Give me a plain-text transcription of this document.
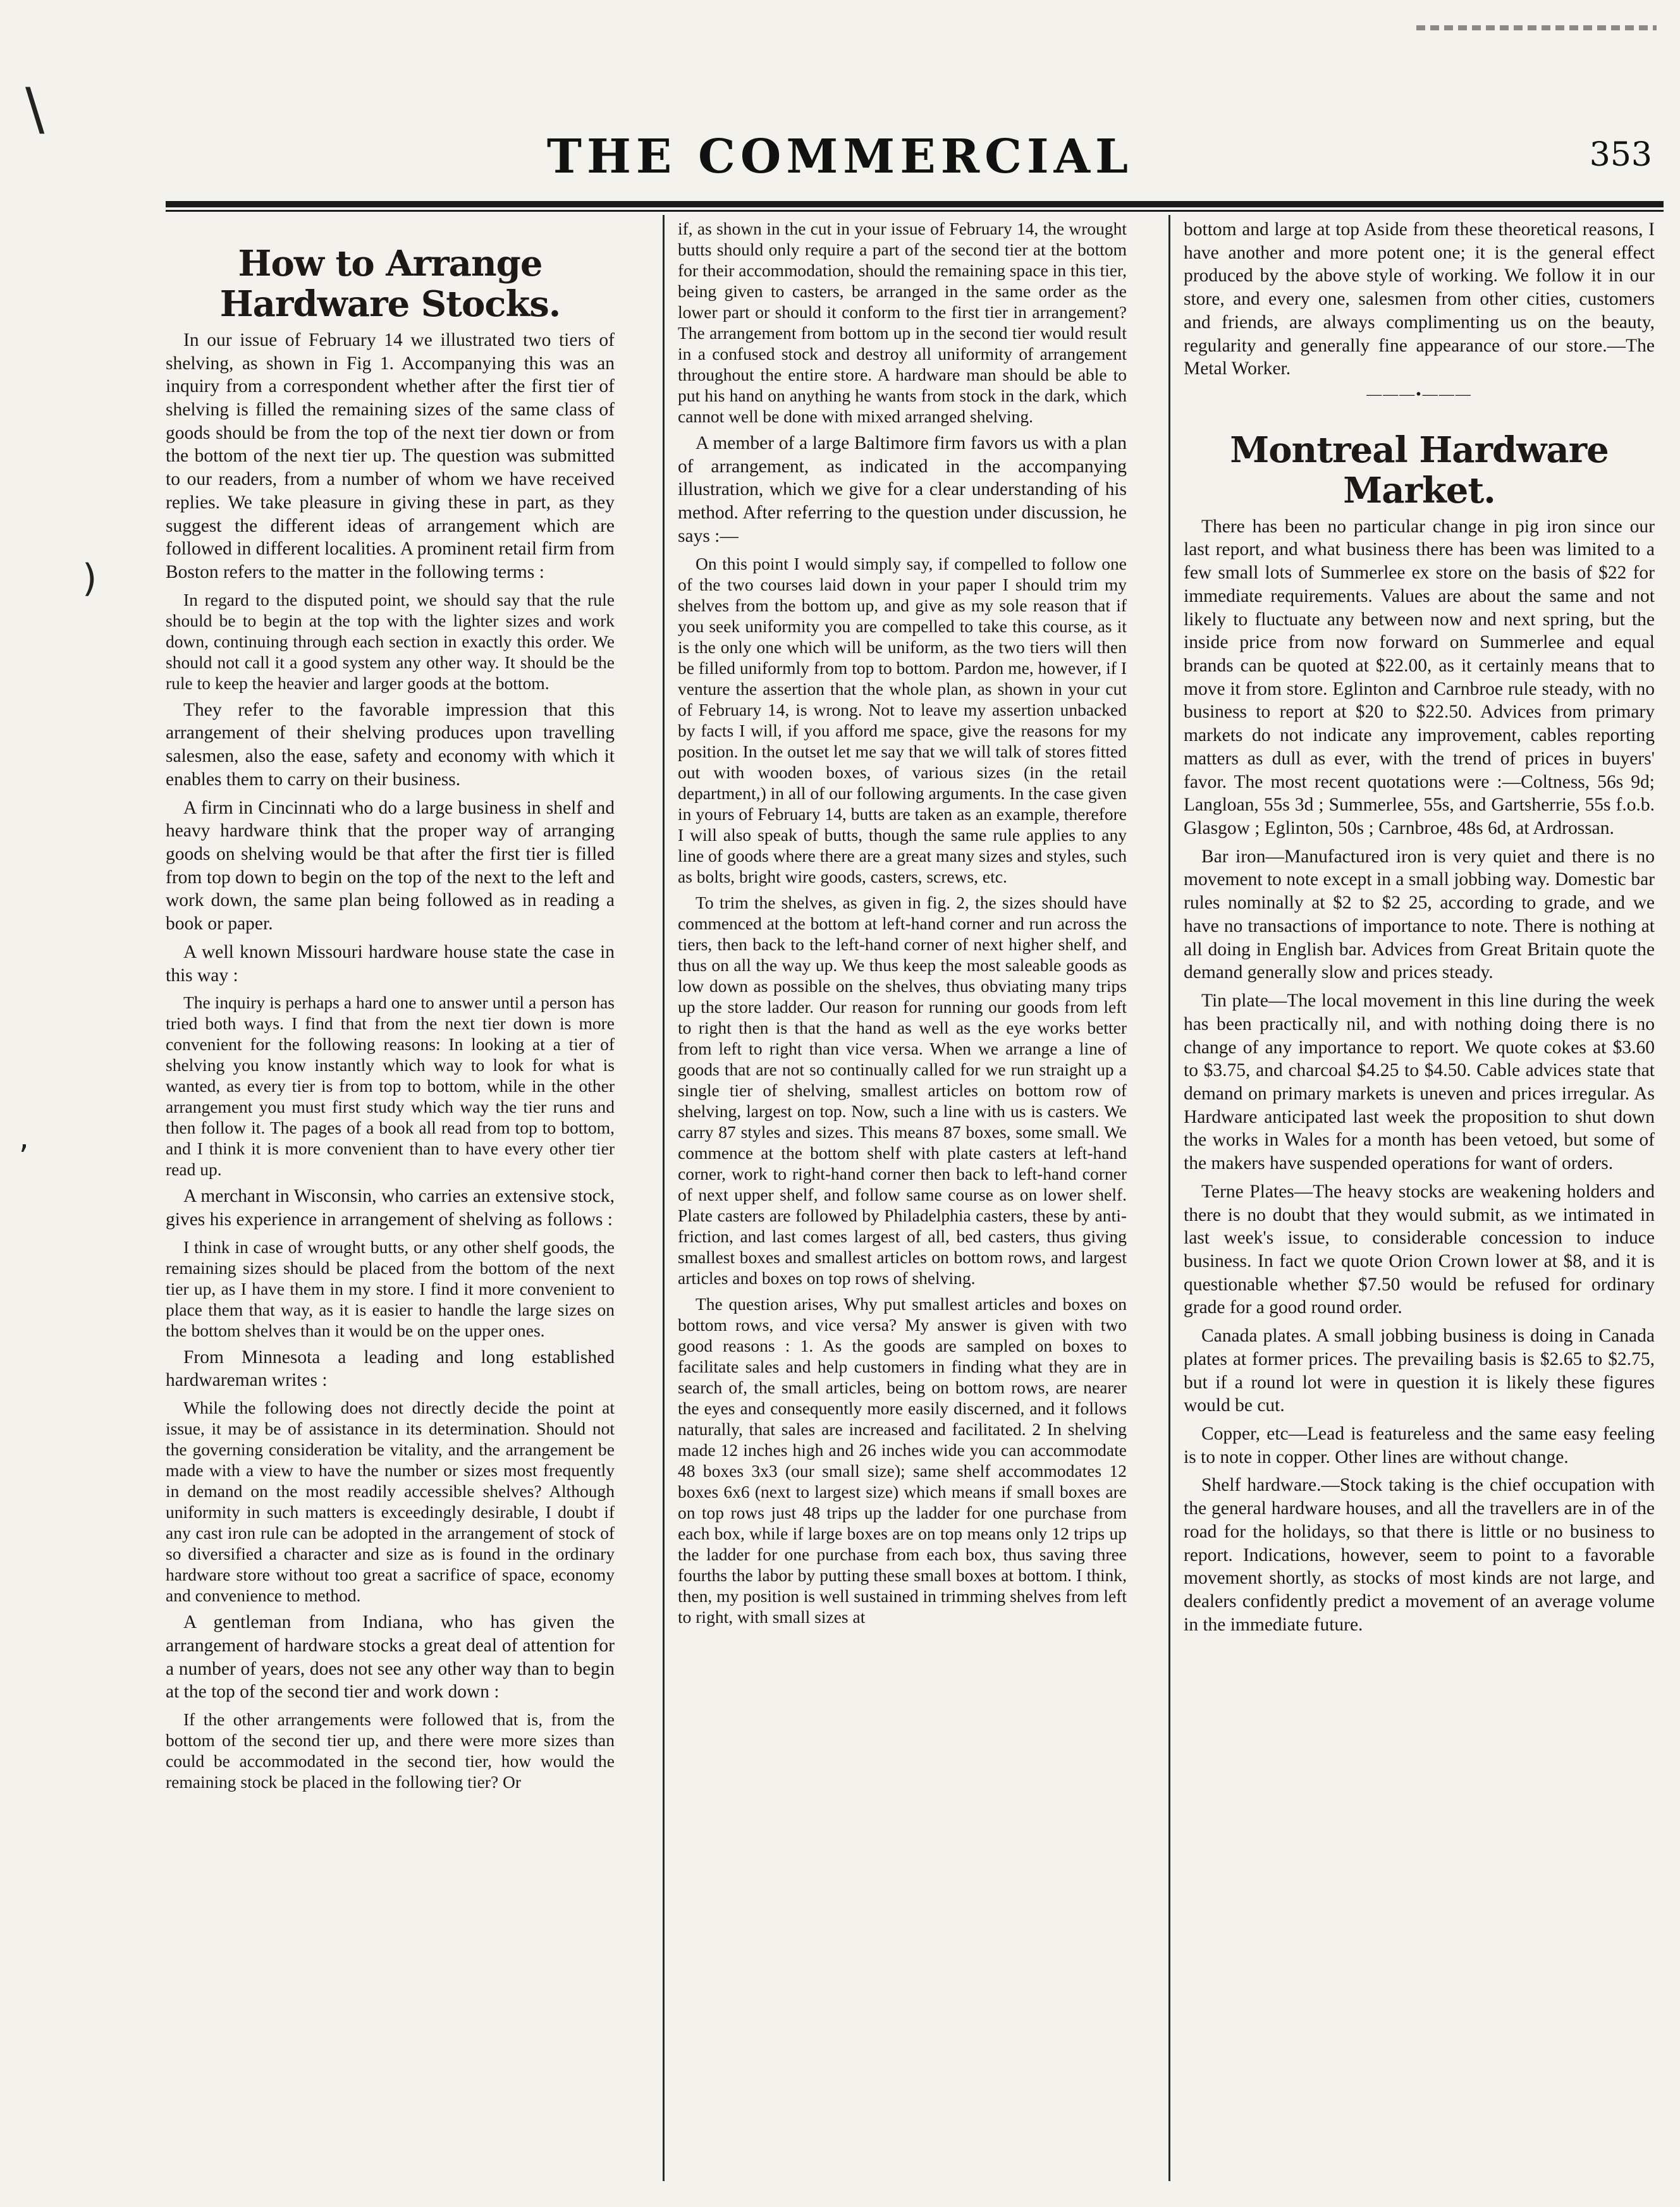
THE COMMERCIAL	353
\
)
,
How to Arrange Hardware Stocks.

In our issue of February 14 we illustrated two tiers of shelving, as shown in Fig 1. Accompanying this was an inquiry from a correspondent whether after the first tier of shelving is filled the remaining sizes of the same class of goods should be from the top of the next tier down or from the bottom of the next tier up. The question was submitted to our readers, from a number of whom we have received replies. We take pleasure in giving these in part, as they suggest the different ideas of arrangement which are followed in different localities. A prominent retail firm from Boston refers to the matter in the following terms :

In regard to the disputed point, we should say that the rule should be to begin at the top with the lighter sizes and work down, continuing through each section in exactly this order. We should not call it a good system any other way. It should be the rule to keep the heavier and larger goods at the bottom.

They refer to the favorable impression that this arrangement of their shelving produces upon travelling salesmen, also the ease, safety and economy with which it enables them to carry on their business.

A firm in Cincinnati who do a large business in shelf and heavy hardware think that the proper way of arranging goods on shelving would be that after the first tier is filled from top down to begin on the top of the next to the left and work down, the same plan being followed as in reading a book or paper.

A well known Missouri hardware house state the case in this way :

The inquiry is perhaps a hard one to answer until a person has tried both ways. I find that from the next tier down is more convenient for the following reasons: In looking at a tier of shelving you know instantly which way to look for what is wanted, as every tier is from top to bottom, while in the other arrangement you must first study which way the tier runs and then follow it. The pages of a book all read from top to bottom, and I think it is more convenient than to have every other tier read up.

A merchant in Wisconsin, who carries an extensive stock, gives his experience in arrangement of shelving as follows :

I think in case of wrought butts, or any other shelf goods, the remaining sizes should be placed from the bottom of the next tier up, as I have them in my store. I find it more convenient to place them that way, as it is easier to handle the large sizes on the bottom shelves than it would be on the upper ones.

From Minnesota a leading and long established hardwareman writes :

While the following does not directly decide the point at issue, it may be of assistance in its determination. Should not the governing consideration be vitality, and the arrangement be made with a view to have the number or sizes most frequently in demand on the most readily accessible shelves? Although uniformity in such matters is exceedingly desirable, I doubt if any cast iron rule can be adopted in the arrangement of stock of so diversified a character and size as is found in the ordinary hardware store without too great a sacrifice of space, economy and convenience to method.

A gentleman from Indiana, who has given the arrangement of hardware stocks a great deal of attention for a number of years, does not see any other way than to begin at the top of the second tier and work down :

If the other arrangements were followed that is, from the bottom of the second tier up, and there were more sizes than could be accommodated in the second tier, how would the remaining stock be placed in the following tier? Or

if, as shown in the cut in your issue of February 14, the wrought butts should only require a part of the second tier at the bottom for their accommodation, should the remaining space in this tier, being given to casters, be arranged in the same order as the lower part or should it conform to the first tier in arrangement? The arrangement from bottom up in the second tier would result in a confused stock and destroy all uniformity of arrangement throughout the entire store. A hardware man should be able to put his hand on anything he wants from stock in the dark, which cannot well be done with mixed arranged shelving.

A member of a large Baltimore firm favors us with a plan of arrangement, as indicated in the accompanying illustration, which we give for a clear understanding of his method. After referring to the question under discussion, he says :—

On this point I would simply say, if compelled to follow one of the two courses laid down in your paper I should trim my shelves from the bottom up, and give as my sole reason that if you seek uniformity you are compelled to take this course, as it is the only one which will be uniform, as the two tiers will then be filled uniformly from top to bottom. Pardon me, however, if I venture the assertion that the whole plan, as shown in your cut of February 14, is wrong. Not to leave my assertion unbacked by facts I will, if you afford me space, give the reasons for my position. In the outset let me say that we will talk of stores fitted out with wooden boxes, of various sizes (in the retail department,) in all of our following arguments. In the case given in yours of February 14, butts are taken as an example, therefore I will also speak of butts, though the same rule applies to any line of goods where there are a great many sizes and styles, such as bolts, bright wire goods, casters, screws, etc.

To trim the shelves, as given in fig. 2, the sizes should have commenced at the bottom at left-hand corner and run across the tiers, then back to the left-hand corner of next higher shelf, and thus on all the way up. We thus keep the most saleable goods as low down as possible on the shelves, thus obviating many trips up the store ladder. Our reason for running our goods from left to right then is that the hand as well as the eye works better from left to right than vice versa. When we arrange a line of goods that are not so continually called for we run straight up a single tier of shelving, smallest articles on bottom row of shelving, largest on top. Now, such a line with us is casters. We carry 87 styles and sizes. This means 87 boxes, some small. We commence at the bottom shelf with plate casters at left-hand corner, work to right-hand corner then back to left-hand corner of next upper shelf, and follow same course as on lower shelf. Plate casters are followed by Philadelphia casters, these by anti-friction, and last comes largest of all, bed casters, thus giving smallest boxes and smallest articles on bottom rows, and largest articles and boxes on top rows of shelving.

The question arises, Why put smallest articles and boxes on bottom rows, and vice versa? My answer is given with two good reasons : 1. As the goods are sampled on boxes to facilitate sales and help customers in finding what they are in search of, the small articles, being on bottom rows, are nearer the eyes and consequently more easily discerned, and it follows naturally, that sales are increased and facilitated. 2 In shelving made 12 inches high and 26 inches wide you can accommodate 48 boxes 3x3 (our small size); same shelf accommodates 12 boxes 6x6 (next to largest size) which means if small boxes are on top rows just 48 trips up the ladder for one purchase from each box, while if large boxes are on top means only 12 trips up the ladder for one purchase from each box, thus saving three fourths the labor by putting these small boxes at bottom. I think, then, my position is well sustained in trimming shelves from left to right, with small sizes at

bottom and large at top Aside from these theoretical reasons, I have another and more potent one; it is the general effect produced by the above style of working. We follow it in our store, and every one, salesmen from other cities, customers and friends, are always complimenting us on the beauty, regularity and generally fine appearance of our store.—The Metal Worker.

———•———
Montreal Hardware Market.

There has been no particular change in pig iron since our last report, and what business there has been was limited to a few small lots of Summerlee ex store on the basis of $22 for immediate requirements. Values are about the same and not likely to fluctuate any between now and next spring, but the inside price from now forward on Summerlee and equal brands can be quoted at $22.00, as it certainly means that to move it from store. Eglinton and Carnbroe rule steady, with no business to report at $20 to $22.50. Advices from primary markets do not indicate any improvement, cables reporting matters as dull as ever, with the trend of prices in buyers' favor. The most recent quotations were :—Coltness, 56s 9d; Langloan, 55s 3d ; Summerlee, 55s, and Gartsherrie, 55s f.o.b. Glasgow ; Eglinton, 50s ; Carnbroe, 48s 6d, at Ardrossan.

Bar iron—Manufactured iron is very quiet and there is no movement to note except in a small jobbing way. Domestic bar rules nominally at $2 to $2 25, according to grade, and we have no transactions of importance to note. There is nothing at all doing in English bar. Advices from Great Britain quote the demand generally slow and prices steady.

Tin plate—The local movement in this line during the week has been practically nil, and with nothing doing there is no change of any importance to report. We quote cokes at $3.60 to $3.75, and charcoal $4.25 to $4.50. Cable advices state that demand on primary markets is uneven and prices irregular. As Hardware anticipated last week the proposition to shut down the works in Wales for a month has been vetoed, but some of the makers have suspended operations for want of orders.

Terne Plates—The heavy stocks are weakening holders and there is no doubt that they would submit, as we intimated in last week's issue, to considerable concession to induce business. In fact we quote Orion Crown lower at $8, and it is questionable whether $7.50 would be refused for ordinary grade for a good round order.

Canada plates. A small jobbing business is doing in Canada plates at former prices. The prevailing basis is $2.65 to $2.75, but if a round lot were in question it is likely these figures would be cut.

Copper, etc—Lead is featureless and the same easy feeling is to note in copper. Other lines are without change.

Shelf hardware.—Stock taking is the chief occupation with the general hardware houses, and all the travellers are in of the road for the holidays, so that there is little or no business to report. Indications, however, seem to point to a favorable movement shortly, as stocks of most kinds are not large, and dealers confidently predict a movement of an average volume in the immediate future.
